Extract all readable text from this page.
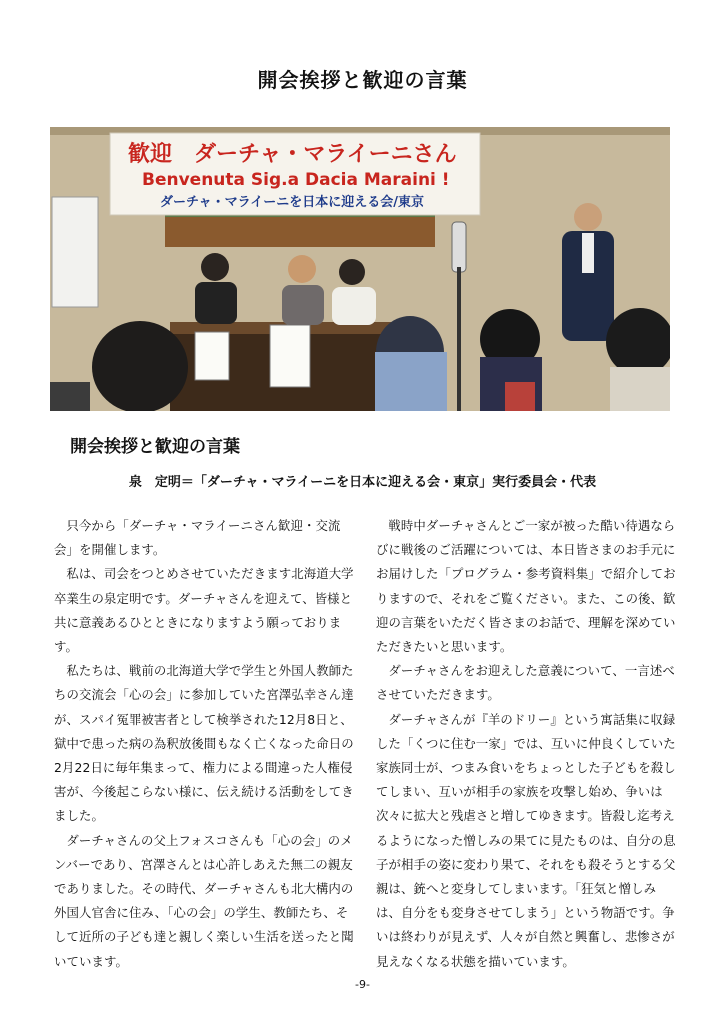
開会挨拶と歓迎の言葉
歓迎　ダーチャ・マライーニさん
Benvenuta Sig.a Dacia Maraini !
ダーチャ・マライーニを日本に迎える会/東京
開会挨拶と歓迎の言葉
泉　定明＝「ダーチャ・マライーニを日本に迎える会・東京」実行委員会・代表

只今から「ダーチャ・マライーニさん歓迎・交流会」を開催します。

私は、司会をつとめさせていただきます北海道大学卒業生の泉定明です。ダーチャさんを迎えて、皆様と共に意義あるひとときになりますよう願っております。

私たちは、戦前の北海道大学で学生と外国人教師たちの交流会「心の会」に参加していた宮澤弘幸さん達が、スパイ冤罪被害者として検挙された12月8日と、獄中で患った病の為釈放後間もなく亡くなった命日の2月22日に毎年集まって、権力による間違った人権侵害が、今後起こらない様に、伝え続ける活動をしてきました。

ダーチャさんの父上フォスコさんも「心の会」のメンバーであり、宮澤さんとは心許しあえた無二の親友でありました。その時代、ダーチャさんも北大構内の外国人官舎に住み、「心の会」の学生、教師たち、そして近所の子ども達と親しく楽しい生活を送ったと聞いています。

戦時中ダーチャさんとご一家が被った酷い待遇ならびに戦後のご活躍については、本日皆さまのお手元にお届けした「プログラム・参考資料集」で紹介しておりますので、それをご覧ください。また、この後、歓迎の言葉をいただく皆さまのお話で、理解を深めていただきたいと思います。

ダーチャさんをお迎えした意義について、一言述べさせていただきます。

ダーチャさんが『羊のドリー』という寓話集に収録した「くつに住む一家」では、互いに仲良くしていた家族同士が、つまみ食いをちょっとした子どもを殺してしまい、互いが相手の家族を攻撃し始め、争いは次々に拡大と残虐さと増してゆきます。皆殺し迄考えるようになった憎しみの果てに見たものは、自分の息子が相手の姿に変わり果て、それをも殺そうとする父親は、銃へと変身してしまいます。「狂気と憎しみは、自分をも変身させてしまう」という物語です。争いは終わりが見えず、人々が自然と興奮し、悲惨さが見えなくなる状態を描いています。

-9-
